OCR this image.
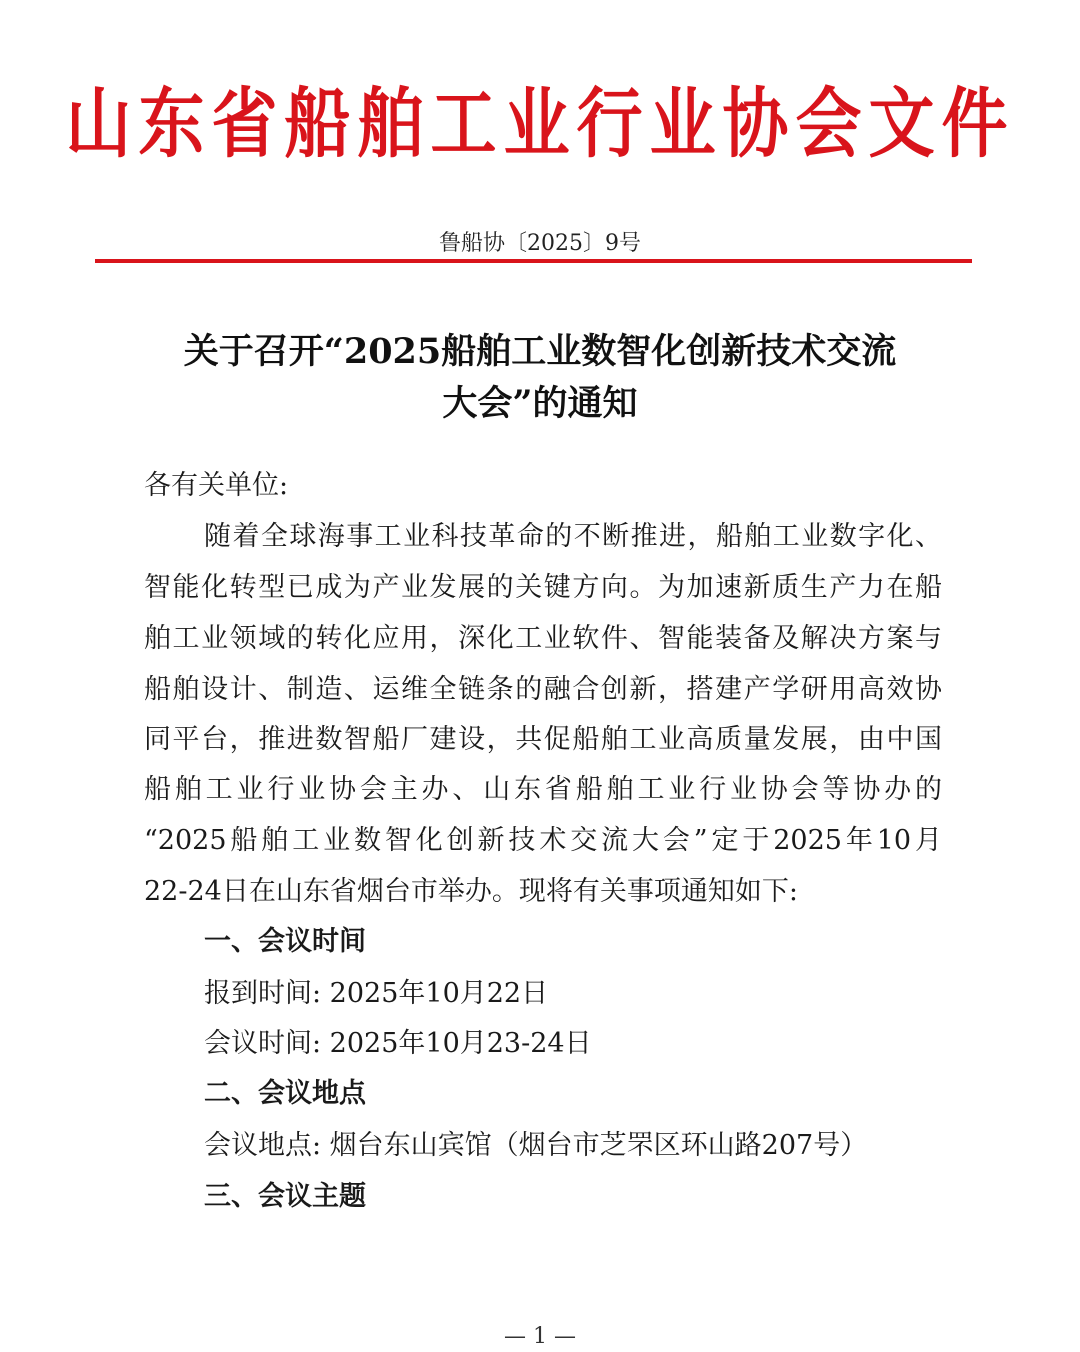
山东省船舶工业行业协会文件
鲁船协〔2025〕9号
关于召开“2025船舶工业数智化创新技术交流
大会”的通知
各有关单位:
随着全球海事工业科技革命的不断推进，船舶工业数字化、
智能化转型已成为产业发展的关键方向。为加速新质生产力在船
舶工业领域的转化应用，深化工业软件、智能装备及解决方案与
船舶设计、制造、运维全链条的融合创新，搭建产学研用高效协
同平台，推进数智船厂建设，共促船舶工业高质量发展，由中国
船舶工业行业协会主办、山东省船舶工业行业协会等协办的
“2025船舶工业数智化创新技术交流大会”定于2025年10月
22-24日在山东省烟台市举办。现将有关事项通知如下:
一、会议时间
报到时间: 2025年10月22日
会议时间: 2025年10月23-24日
二、会议地点
会议地点: 烟台东山宾馆（烟台市芝罘区环山路207号）
三、会议主题
— 1 —
